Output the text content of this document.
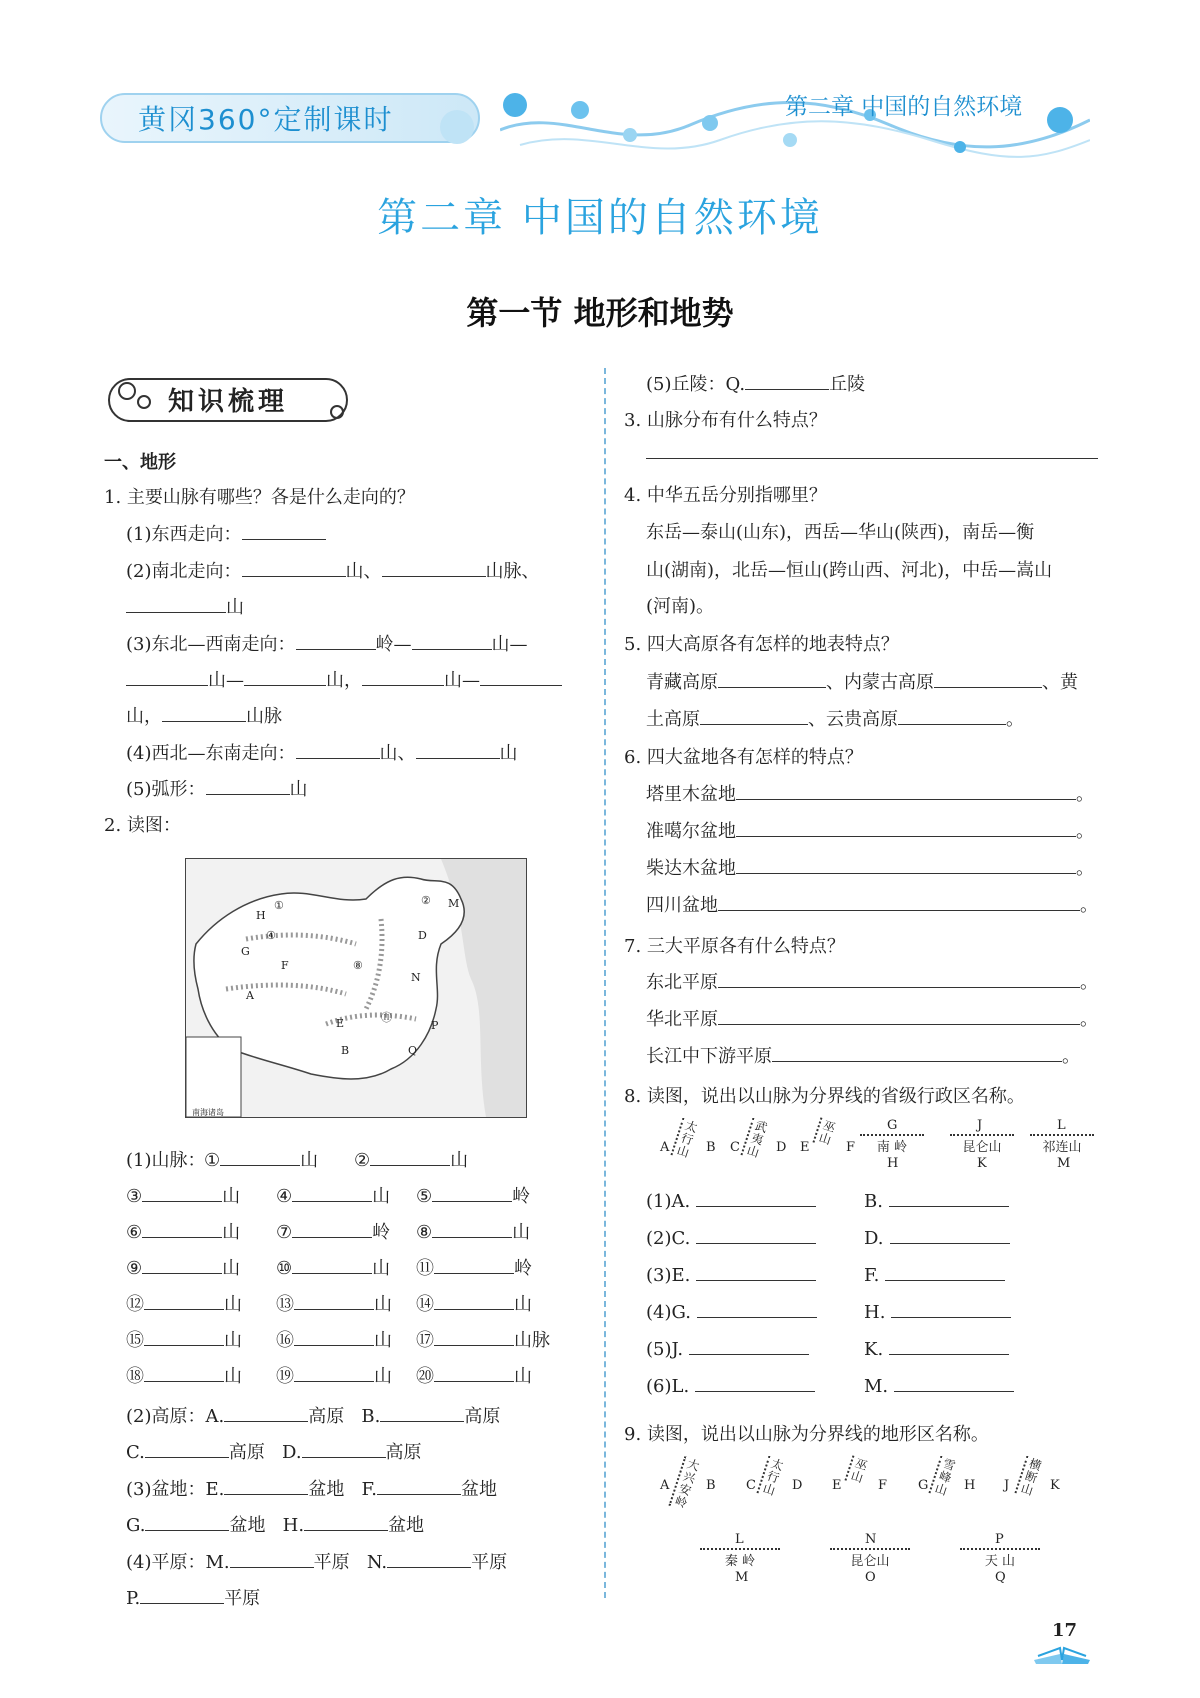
黄冈360°定制课时	第二章 中国的自然环境
第二章 中国的自然环境
第一节 地形和地势
知识梳理
一、地形
1. 主要山脉有哪些？各是什么走向的？
(1)东西走向：
(2)南北走向：	山、	山脉、
山
(3)东北—西南走向：	岭—	山—
山—	山，	山—
山，	山脉
(4)西北—东南走向：	山、	山
(5)弧形：	山
2. 读图：
H
G
F
A
E
B
D
M
N
P
Q
①	②
④
⑧
⑪
南海诸岛
(1)山脉：
①	山 ②	山
③	山 ④	山 ⑤	岭
⑥	山 ⑦	岭 ⑧	山
⑨	山 ⑩	山 ⑪	岭
⑫	山 ⑬	山 ⑭	山
⑮	山 ⑯	山 ⑰	山脉
⑱	山 ⑲	山 ⑳	山
(2)高原：A.	高原 B.	高原
C.	高原 D.	高原
(3)盆地：E.	盆地 F.	盆地
G.	盆地 H.	盆地
(4)平原：M.	平原 N.	平原
P.	平原
(5)丘陵：Q.	丘陵
3. 山脉分布有什么特点？
4. 中华五岳分别指哪里？
东岳—泰山(山东)，西岳—华山(陕西)，南岳—衡
山(湖南)，北岳—恒山(跨山西、河北)，中岳—嵩山
(河南)。
5. 四大高原各有怎样的地表特点？
青藏高原	、内蒙古高原	、黄
土高原	、云贵高原	。
6. 四大盆地各有怎样的特点？
塔里木盆地	。
准噶尔盆地	。
柴达木盆地	。
四川盆地	。
7. 三大平原各有什么特点？
东北平原	。
华北平原	。
长江中下游平原	。
8. 读图，说出以山脉为分界线的省级行政区名称。
A
太行山	B C
武夷山	D E
巫山
F
G
南 岭
H
J
昆仑山
K
L
祁连山
M
(1)A.	B.
(2)C.	D.
(3)E.	F.
(4)G.	H.
(5)J.	K.
(6)L.	M.
9. 读图，说出以山脉为分界线的地形区名称。
A
大兴安岭
B C
太行山	D E
巫山
F G
雪峰山	H J
横断山	K
L
秦 岭
M
N
昆仑山
O
P
天 山
Q
17
